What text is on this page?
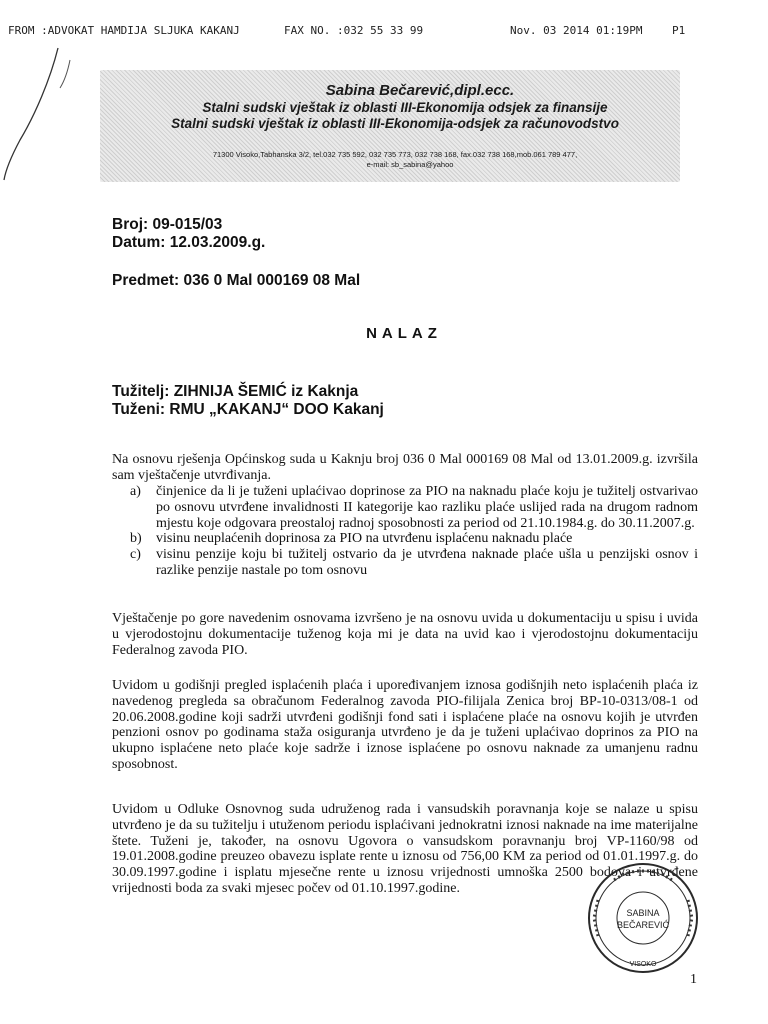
FROM :ADVOKAT HAMDIJA SLJUKA KAKANJ

	FAX NO. :032 55 33 99

	Nov. 03 2014 01:19PM

	P1

Sabina Bečarević,dipl.ecc.
Stalni sudski vještak iz oblasti III-Ekonomija odsjek za finansije
Stalni sudski vještak iz oblasti III-Ekonomija-odsjek za računovodstvo
71300 Visoko,Tabhanska 3/2, tel.032 735 592, 032 735 773, 032 738 168, fax.032 738 168,mob.061 789 477,
e-mail: sb_sabina@yahoo
Broj: 09-015/03
Datum: 12.03.2009.g.
Predmet: 036 0 Mal 000169 08 Mal
NALAZ
Tužitelj: ZIHNIJA ŠEMIĆ iz Kaknja
Tuženi: RMU „KAKANJ“ DOO Kakanj
Na osnovu rješenja Općinskog suda u Kaknju broj 036 0 Mal 000169 08 Mal od 13.01.2009.g. izvršila sam vještačenje utvrđivanja.
a) činjenice da li je tuženi uplaćivao doprinose za PIO na naknadu plaće koju je tužitelj ostvarivao po osnovu utvrđene invalidnosti II kategorije kao razliku plaće uslijed rada na drugom radnom mjestu koje odgovara preostaloj radnoj sposobnosti za period od 21.10.1984.g. do 30.11.2007.g.
b) visinu neuplaćenih doprinosa za PIO na utvrđenu isplaćenu naknadu plaće
c) visinu penzije koju bi tužitelj ostvario da je utvrđena naknade plaće ušla u penzijski osnov i razlike penzije nastale po tom osnovu
Vještačenje po gore navedenim osnovama izvršeno je na osnovu uvida u dokumentaciju u spisu i uvida u vjerodostojnu dokumentacije tuženog koja mi je data na uvid kao i vjerodostojnu dokumentaciju Federalnog zavoda PIO.
Uvidom u godišnji pregled isplaćenih plaća i upoređivanjem iznosa godišnjih neto isplaćenih plaća iz navedenog pregleda sa obračunom Federalnog zavoda PIO-filijala Zenica broj BP-10-0313/08-1 od 20.06.2008.godine koji sadrži utvrđeni godišnji fond sati i isplaćene plaće na osnovu kojih je utvrđen penzioni osnov po godinama staža osiguranja utvrđeno je da je tuženi uplaćivao doprinos za PIO na ukupno isplaćene neto plaće koje sadrže i iznose isplaćene po osnovu naknade za umanjenu radnu sposobnost.
Uvidom u Odluke Osnovnog suda udruženog rada i vansudskih poravnanja koje se nalaze u spisu utvrđeno je da su tužitelju i utuženom periodu isplaćivani jednokratni iznosi naknade na ime materijalne štete. Tuženi je, također, na osnovu Ugovora o vansudskom poravnanju broj VP-1160/98 od 19.01.2008.godine preuzeo obavezu isplate rente u iznosu od 756,00 KM za period od 01.01.1997.g. do 30.09.1997.godine i isplatu mjesečne rente u iznosu vrijednosti umnoška 2500 bodova i utvrđene vrijednosti boda za svaki mjesec počev od 01.10.1997.godine.
SABINA
BEČAREVIĆ
VISOKO
1
